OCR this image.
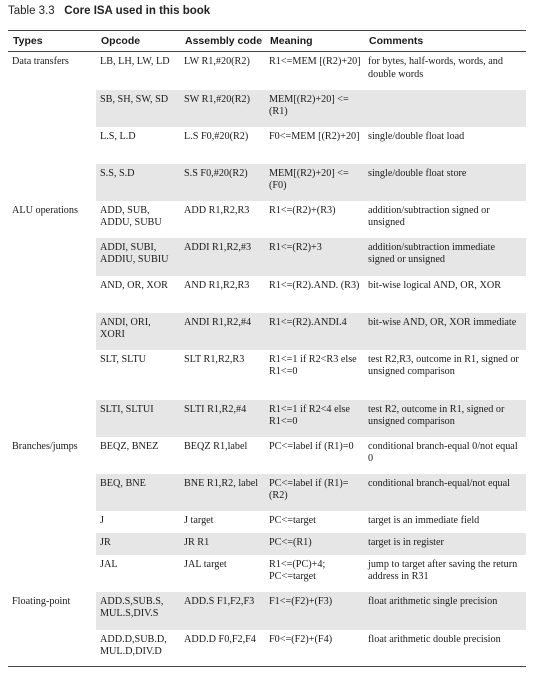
Table 3.3 Core ISA used in this book
Types	Opcode	Assembly code	Meaning	Comments
Data transfers	LB, LH, LW, LD	LW R1,#20(R2)	R1<=MEM [(R2)+20]	for bytes, half-words, words, and double words
	SB, SH, SW, SD	SW R1,#20(R2)	MEM[(R2)+20] <= (R1)	
	L.S, L.D	L.S F0,#20(R2)	F0<=MEM [(R2)+20]	single/double float load
	S.S, S.D	S.S F0,#20(R2)	MEM[(R2)+20] <= (F0)	single/double float store
ALU operations	ADD, SUB, ADDU, SUBU	ADD R1,R2,R3	R1<=(R2)+(R3)	addition/subtraction signed or unsigned
	ADDI, SUBI, ADDIU, SUBIU	ADDI R1,R2,#3	R1<=(R2)+3	addition/subtraction immediate signed or unsigned
	AND, OR, XOR	AND R1,R2,R3	R1<=(R2).AND. (R3)	bit-wise logical AND, OR, XOR
	ANDI, ORI, XORI	ANDI R1,R2,#4	R1<=(R2).ANDI.4	bit-wise AND, OR, XOR immediate
	SLT, SLTU	SLT R1,R2,R3	R1<=1 if R2<R3 else R1<=0	test R2,R3, outcome in R1, signed or unsigned comparison
	SLTI, SLTUI	SLTI R1,R2,#4	R1<=1 if R2<4 else R1<=0	test R2, outcome in R1, signed or unsigned comparison
Branches/jumps	BEQZ, BNEZ	BEQZ R1,label	PC<=label if (R1)=0	conditional branch-equal 0/not equal 0
	BEQ, BNE	BNE R1,R2, label	PC<=label if (R1)=(R2)	conditional branch-equal/not equal
	J	J target	PC<=target	target is an immediate field
	JR	JR R1	PC<=(R1)	target is in register
	JAL	JAL target	R1<=(PC)+4; PC<=target	jump to target after saving the return address in R31
Floating-point	ADD.S,SUB.S, MUL.S,DIV.S	ADD.S F1,F2,F3	F1<=(F2)+(F3)	float arithmetic single precision
	ADD.D,SUB.D, MUL.D,DIV.D	ADD.D F0,F2,F4	F0<=(F2)+(F4)	float arithmetic double precision
